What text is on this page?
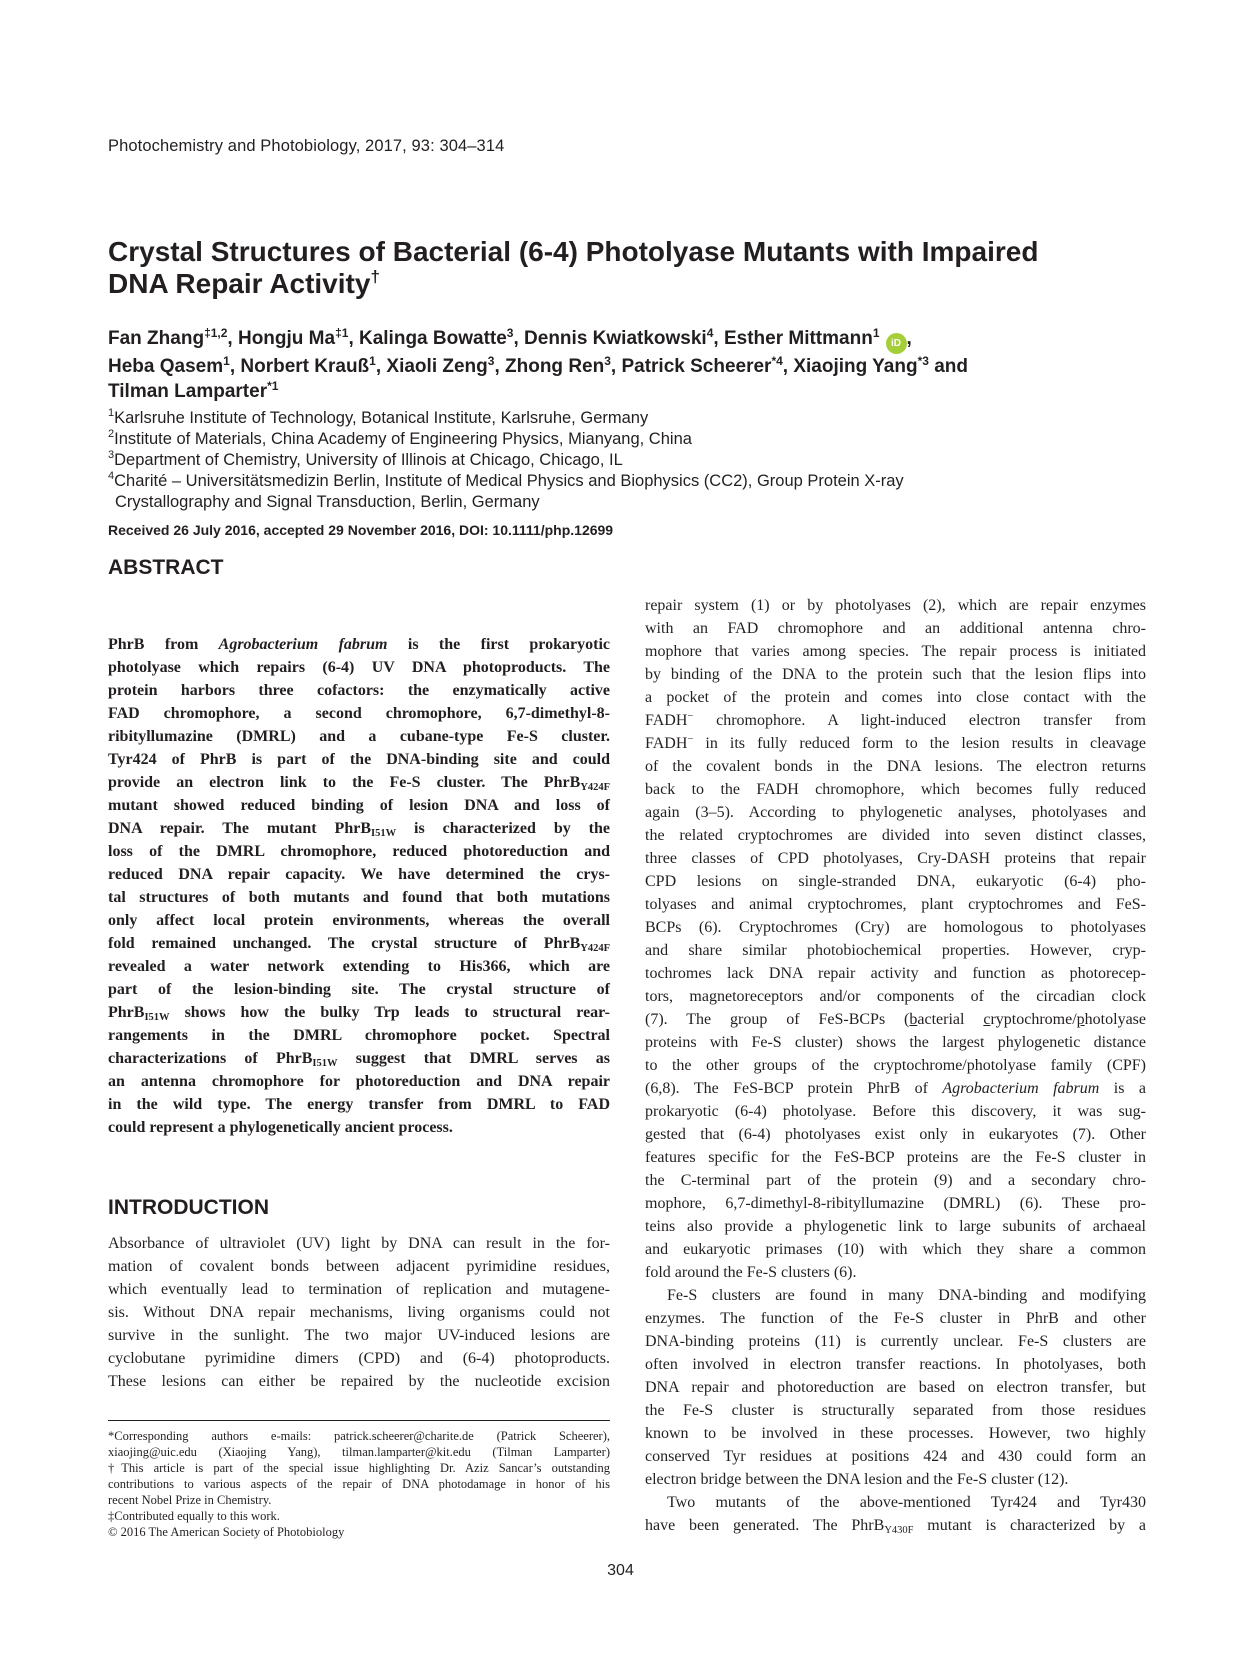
Photochemistry and Photobiology, 2017, 93: 304–314
Crystal Structures of Bacterial (6-4) Photolyase Mutants with Impaired
DNA Repair Activity†
Fan Zhang$^{\ddagger 1,2}$, Hongju Ma$^{\ddagger 1}$, Kalinga Bowatte$^3$, Dennis Kwiatkowski$^4$, Esther Mittmann$^1$iD ,
Heba Qasem$^1$, Norbert Krauß$^1$, Xiaoli Zeng$^3$, Zhong Ren$^3$, Patrick Scheerer$^{*4}$, Xiaojing Yang$^{*3}$ and
Tilman Lamparter$^{*1}$
$^1$Karlsruhe Institute of Technology, Botanical Institute, Karlsruhe, Germany
$^2$Institute of Materials, China Academy of Engineering Physics, Mianyang, China
$^3$Department of Chemistry, University of Illinois at Chicago, Chicago, IL
$^4$Charité – Universitätsmedizin Berlin, Institute of Medical Physics and Biophysics (CC2), Group Protein X-ray
Crystallography and Signal Transduction, Berlin, Germany
Received 26 July 2016, accepted 29 November 2016, DOI: 10.1111/php.12699
ABSTRACT
PhrB from Agrobacterium fabrum is the first prokaryotic
photolyase which repairs (6-4) UV DNA photoproducts. The
protein harbors three cofactors: the enzymatically active
FAD chromophore, a second chromophore, 6,7-dimethyl-8-
ribityllumazine (DMRL) and a cubane-type Fe-S cluster.
Tyr424 of PhrB is part of the DNA-binding site and could
provide an electron link to the Fe-S cluster. The PhrB$_{Y424F}$
mutant showed reduced binding of lesion DNA and loss of
DNA repair. The mutant PhrB$_{I51W}$ is characterized by the
loss of the DMRL chromophore, reduced photoreduction and
reduced DNA repair capacity. We have determined the crys-
tal structures of both mutants and found that both mutations
only affect local protein environments, whereas the overall
fold remained unchanged. The crystal structure of PhrB$_{Y424F}$
revealed a water network extending to His366, which are
part of the lesion-binding site. The crystal structure of
PhrB$_{I51W}$ shows how the bulky Trp leads to structural rear-
rangements in the DMRL chromophore pocket. Spectral
characterizations of PhrB$_{I51W}$ suggest that DMRL serves as
an antenna chromophore for photoreduction and DNA repair
in the wild type. The energy transfer from DMRL to FAD
could represent a phylogenetically ancient process.
INTRODUCTION
Absorbance of ultraviolet (UV) light by DNA can result in the for-
mation of covalent bonds between adjacent pyrimidine residues,
which eventually lead to termination of replication and mutagene-
sis. Without DNA repair mechanisms, living organisms could not
survive in the sunlight. The two major UV-induced lesions are
cyclobutane pyrimidine dimers (CPD) and (6-4) photoproducts.
These lesions can either be repaired by the nucleotide excision
*Corresponding authors e-mails: patrick.scheerer@charite.de (Patrick Scheerer),
xiaojing@uic.edu (Xiaojing Yang), tilman.lamparter@kit.edu (Tilman Lamparter)
†This article is part of the special issue highlighting Dr. Aziz Sancar’s outstanding
contributions to various aspects of the repair of DNA photodamage in honor of his
recent Nobel Prize in Chemistry.
‡Contributed equally to this work.
© 2016 The American Society of Photobiology
repair system (1) or by photolyases (2), which are repair enzymes
with an FAD chromophore and an additional antenna chro-
mophore that varies among species. The repair process is initiated
by binding of the DNA to the protein such that the lesion flips into
a pocket of the protein and comes into close contact with the
FADH− chromophore. A light-induced electron transfer from
FADH− in its fully reduced form to the lesion results in cleavage
of the covalent bonds in the DNA lesions. The electron returns
back to the FADH chromophore, which becomes fully reduced
again (3–5). According to phylogenetic analyses, photolyases and
the related cryptochromes are divided into seven distinct classes,
three classes of CPD photolyases, Cry-DASH proteins that repair
CPD lesions on single-stranded DNA, eukaryotic (6-4) pho-
tolyases and animal cryptochromes, plant cryptochromes and FeS-
BCPs (6). Cryptochromes (Cry) are homologous to photolyases
and share similar photobiochemical properties. However, cryp-
tochromes lack DNA repair activity and function as photorecep-
tors, magnetoreceptors and/or components of the circadian clock
(7). The group of FeS-BCPs (bacterial cryptochrome/photolyase
proteins with Fe-S cluster) shows the largest phylogenetic distance
to the other groups of the cryptochrome/photolyase family (CPF)
(6,8). The FeS-BCP protein PhrB of Agrobacterium fabrum is a
prokaryotic (6-4) photolyase. Before this discovery, it was sug-
gested that (6-4) photolyases exist only in eukaryotes (7). Other
features specific for the FeS-BCP proteins are the Fe-S cluster in
the C-terminal part of the protein (9) and a secondary chro-
mophore, 6,7-dimethyl-8-ribityllumazine (DMRL) (6). These pro-
teins also provide a phylogenetic link to large subunits of archaeal
and eukaryotic primases (10) with which they share a common
fold around the Fe-S clusters (6).
Fe-S clusters are found in many DNA-binding and modifying
enzymes. The function of the Fe-S cluster in PhrB and other
DNA-binding proteins (11) is currently unclear. Fe-S clusters are
often involved in electron transfer reactions. In photolyases, both
DNA repair and photoreduction are based on electron transfer, but
the Fe-S cluster is structurally separated from those residues
known to be involved in these processes. However, two highly
conserved Tyr residues at positions 424 and 430 could form an
electron bridge between the DNA lesion and the Fe-S cluster (12).
Two mutants of the above-mentioned Tyr424 and Tyr430
have been generated. The PhrB$_{Y430F}$ mutant is characterized by a
304
